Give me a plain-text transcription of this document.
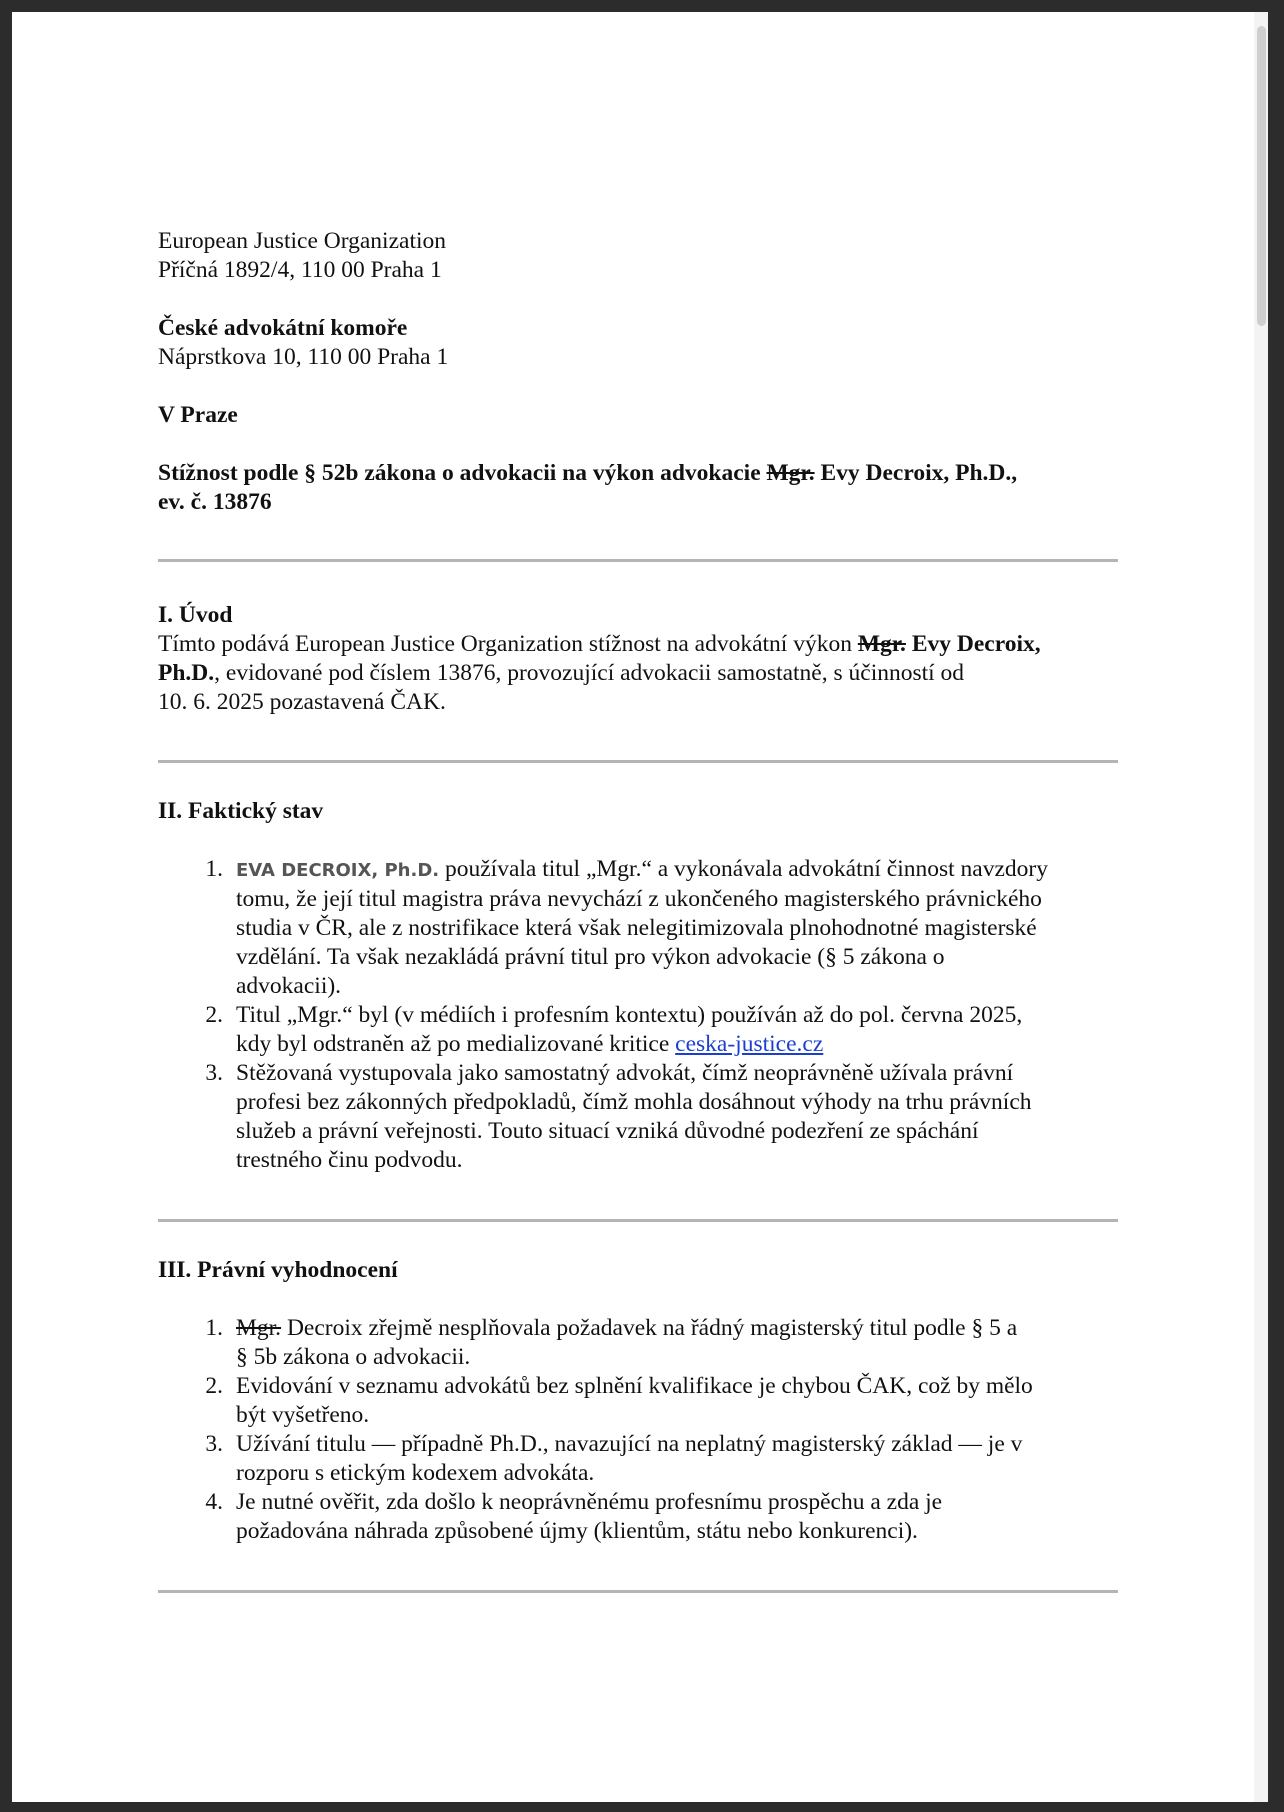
European Justice Organization

Příčná 1892/4, 110 00 Praha 1

České advokátní komoře

Náprstkova 10, 110 00 Praha 1

V Praze

Stížnost podle § 52b zákona o advokacii na výkon advokacie Mgr. Evy Decroix, Ph.D.,

ev. č. 13876

I. Úvod

Tímto podává European Justice Organization stížnost na advokátní výkon Mgr. Evy Decroix,

Ph.D., evidované pod číslem 13876, provozující advokacii samostatně, s účinností od

10. 6. 2025 pozastavená ČAK.

II. Faktický stav

1. EVA DECROIX, Ph.D. používala titul „Mgr.“ a vykonávala advokátní činnost navzdory
tomu, že její titul magistra práva nevychází z ukončeného magisterského právnického
studia v ČR, ale z nostrifikace která však nelegitimizovala plnohodnotné magisterské
vzdělání. Ta však nezakládá právní titul pro výkon advokacie (§ 5 zákona o
advokacii).
2. Titul „Mgr.“ byl (v médiích i profesním kontextu) používán až do pol. června 2025,
kdy byl odstraněn až po medializované kritice ceska-justice.cz
3. Stěžovaná vystupovala jako samostatný advokát, čímž neoprávněně užívala právní
profesi bez zákonných předpokladů, čímž mohla dosáhnout výhody na trhu právních
služeb a právní veřejnosti. Touto situací vzniká důvodné podezření ze spáchání
trestného činu podvodu.

III. Právní vyhodnocení

1. Mgr. Decroix zřejmě nesplňovala požadavek na řádný magisterský titul podle § 5 a
§ 5b zákona o advokacii.
2. Evidování v seznamu advokátů bez splnění kvalifikace je chybou ČAK, což by mělo
být vyšetřeno.
3. Užívání titulu — případně Ph.D., navazující na neplatný magisterský základ — je v
rozporu s etickým kodexem advokáta.
4. Je nutné ověřit, zda došlo k neoprávněnému profesnímu prospěchu a zda je
požadována náhrada způsobené újmy (klientům, státu nebo konkurenci).
